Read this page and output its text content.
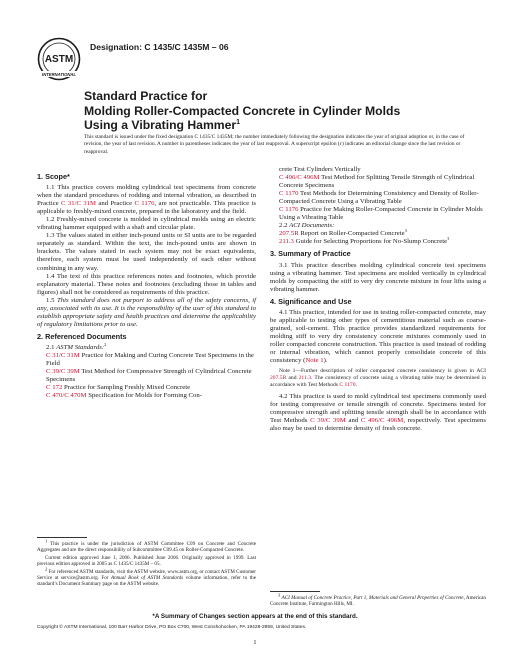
ASTM
INTERNATIONAL
Designation: C 1435/C 1435M – 06
Standard Practice for
Molding Roller-Compacted Concrete in Cylinder Molds
Using a Vibrating Hammer$^1$
This standard is issued under the fixed designation C 1435/C 1435M; the number immediately following the designation indicates the year of original adoption or, in the case of revision, the year of last revision. A number in parentheses indicates the year of last reapproval. A superscript epsilon (ε) indicates an editorial change since the last revision or reapproval.

1. Scope*

1.1 This practice covers molding cylindrical test specimens from concrete when the standard procedures of rodding and internal vibration, as described in Practice C 31/C 31M and Practice C 1176, are not practicable. This practice is applicable to freshly-mixed concrete, prepared in the laboratory and the field.

1.2 Freshly-mixed concrete is molded in cylindrical molds using an electric vibrating hammer equipped with a shaft and circular plate.

1.3 The values stated in either inch-pound units or SI units are to be regarded separately as standard. Within the text, the inch-pound units are shown in brackets. The values stated in each system may not be exact equivalents, therefore, each system must be used independently of each other without combining in any way.

1.4 The text of this practice references notes and footnotes, which provide explanatory material. These notes and footnotes (excluding those in tables and figures) shall not be considered as requirements of this practice.

1.5 This standard does not purport to address all of the safety concerns, if any, associated with its use. It is the responsibility of the user of this standard to establish appropriate safety and health practices and determine the applicability of regulatory limitations prior to use.

2. Referenced Documents

2.1 ASTM Standards:$^2$

C 31/C 31M Practice for Making and Curing Concrete Test Specimens in the Field

C 39/C 39M Test Method for Compressive Strength of Cylindrical Concrete Specimens

C 172 Practice for Sampling Freshly Mixed Concrete

C 470/C 470M Specification for Molds for Forming Con-

$^1$ This practice is under the jurisdiction of ASTM Committee C09 on Concrete and Concrete Aggregates and are the direct responsibility of Subcommittee C09.45 on Roller-Compacted Concrete.

Current edition approved June 1, 2006. Published June 2006. Originally approved in 1999. Last previous edition approved in 2005 as C 1435/C 1435M – 05.

$^2$ For referenced ASTM standards, visit the ASTM website, www.astm.org, or contact ASTM Customer Service at service@astm.org. For Annual Book of ASTM Standards volume information, refer to the standard’s Document Summary page on the ASTM website.

crete Test Cylinders Vertically

C 496/C 496M Test Method for Splitting Tensile Strength of Cylindrical Concrete Specimens

C 1170 Test Methods for Determining Consistency and Density of Roller-Compacted Concrete Using a Vibrating Table

C 1176 Practice for Making Roller-Compacted Concrete in Cylinder Molds Using a Vibrating Table

2.2 ACI Documents:

207.5R Report on Roller-Compacted Concrete$^3$

211.3 Guide for Selecting Proportions for No-Slump Concrete$^3$

3. Summary of Practice

3.1 This practice describes molding cylindrical concrete test specimens using a vibrating hammer. Test specimens are molded vertically in cylindrical molds by compacting the stiff to very dry concrete mixture in four lifts using a vibrating hammer.

4. Significance and Use

4.1 This practice, intended for use in testing roller-compacted concrete, may be applicable to testing other types of cementitious material such as coarse-grained, soil-cement. This practice provides standardized requirements for molding stiff to very dry consistency concrete mixtures commonly used in roller compacted concrete construction. This practice is used instead of rodding or internal vibration, which cannot properly consolidate concrete of this consistency (Note 1).

Note 1—Further description of roller compacted concrete consistency is given in ACI 207.5R and 211.3. The consistency of concrete using a vibrating table may be determined in accordance with Test Methods C 1170.

4.2 This practice is used to mold cylindrical test specimens commonly used for testing compressive or tensile strength of concrete. Specimens tested for compressive strength and splitting tensile strength shall be in accordance with Test Methods C 39/C 39M and C 496/C 496M, respectively. Test specimens also may be used to determine density of fresh concrete.

$^3$ ACI Manual of Concrete Practice, Part 1, Materials and General Properties of Concrete, American Concrete Institute, Farmington Hills, MI.

*A Summary of Changes section appears at the end of this standard.
Copyright © ASTM International, 100 Barr Harbor Drive, PO Box C700, West Conshohocken, PA 19428-2959, United States.
1
